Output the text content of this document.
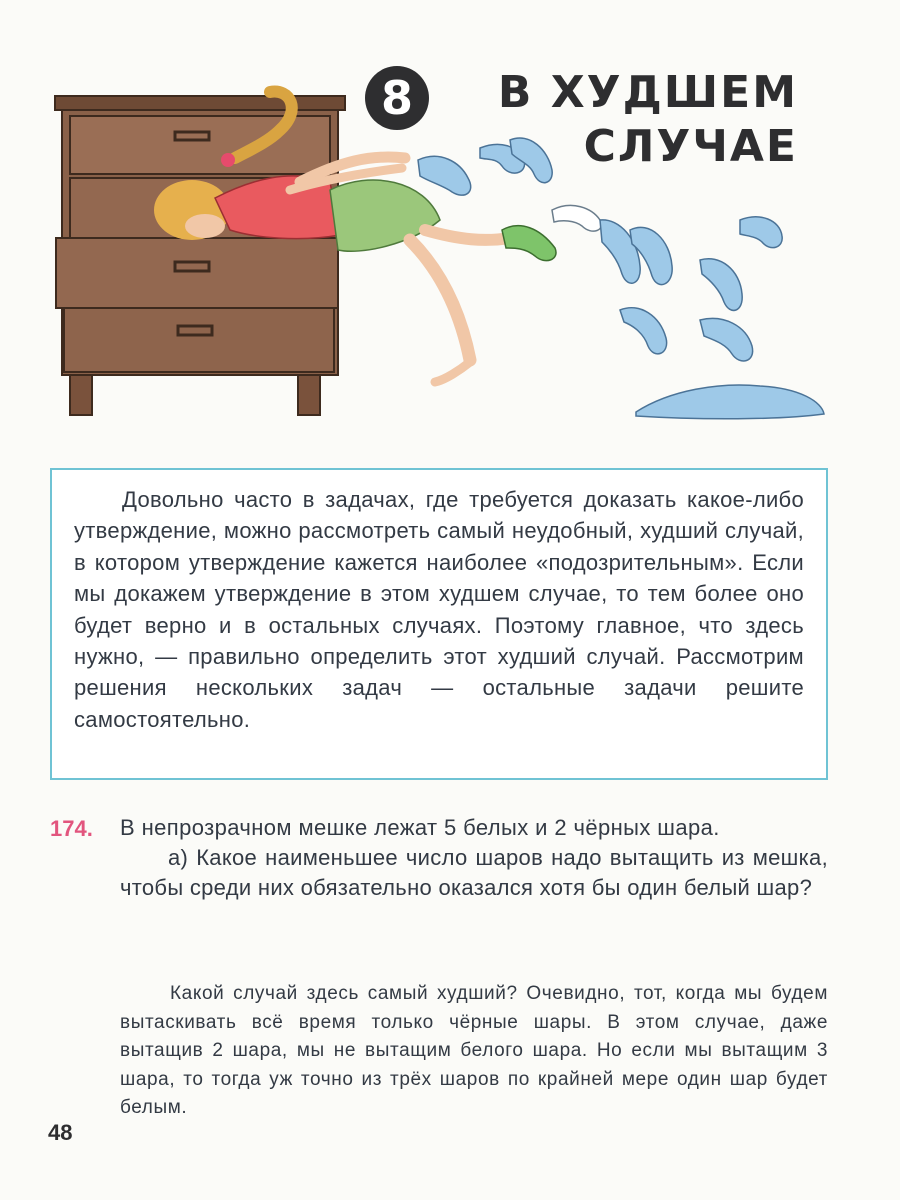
8	В ХУДШЕМ
СЛУЧАЕ

Довольно часто в задачах, где требуется доказать какое-либо утверждение, можно рассмотреть самый неудобный, худший случай, в котором утверждение кажется наиболее «подозрительным». Если мы докажем утверждение в этом худшем случае, то тем более оно будет верно и в остальных случаях. Поэтому главное, что здесь нужно, — правильно определить этот худший случай. Рассмотрим решения нескольких задач — остальные задачи решите самостоятельно.

174. В непрозрачном мешке лежат 5 белых и 2 чёрных шара.

а) Какое наименьшее число шаров надо вытащить из мешка, чтобы среди них обязательно оказался хотя бы один белый шар?

Какой случай здесь самый худший? Очевидно, тот, когда мы будем вытаскивать всё время только чёрные шары. В этом случае, даже вытащив 2 шара, мы не вытащим белого шара. Но если мы вытащим 3 шара, то тогда уж точно из трёх шаров по крайней мере один шар будет белым.

48
